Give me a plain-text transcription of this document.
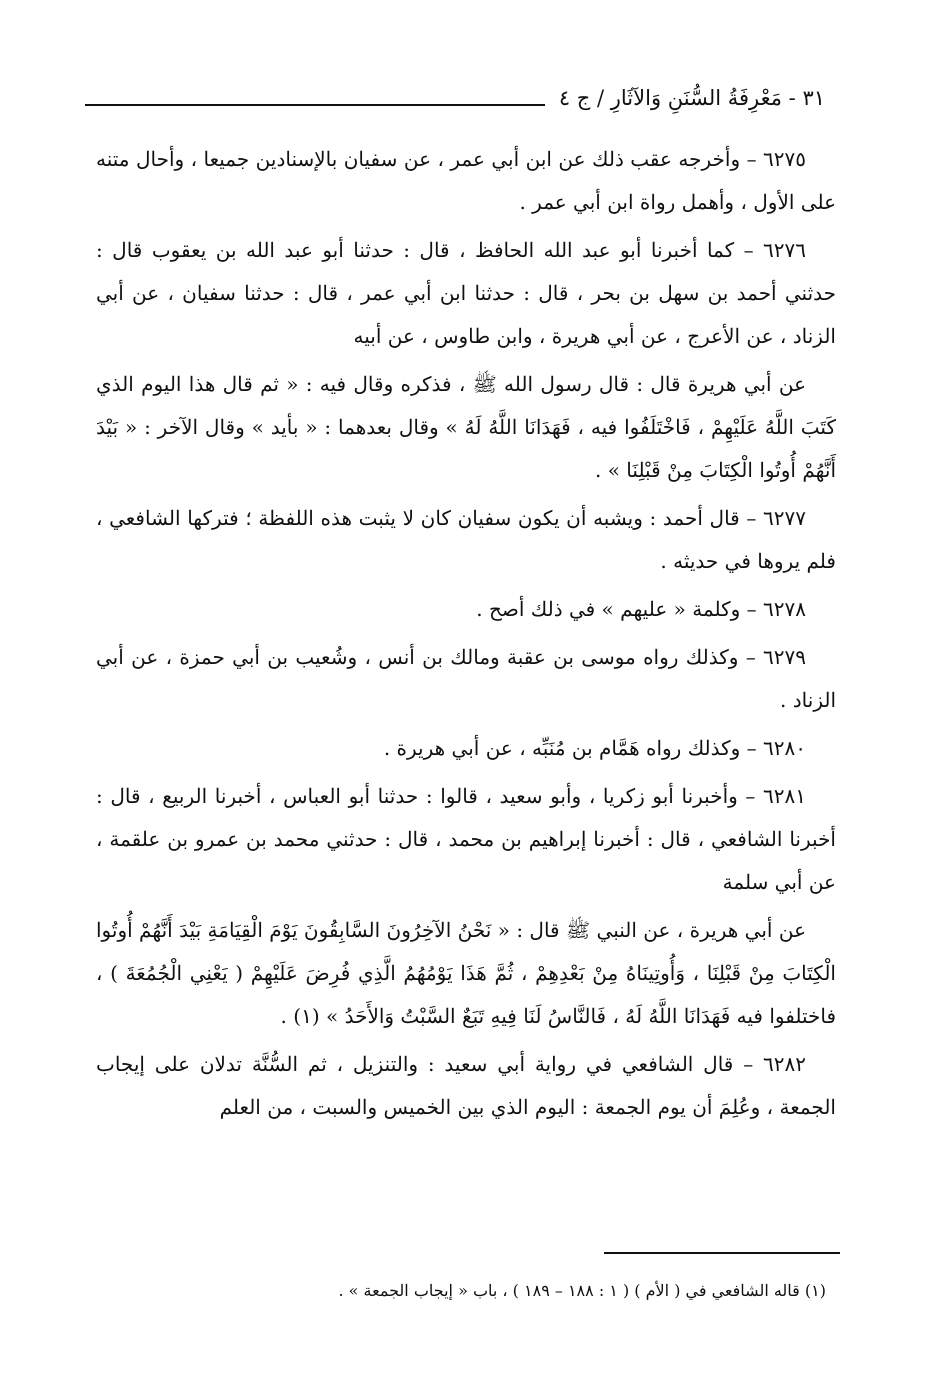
٣١ - مَعْرِفَةُ السُّنَنِ وَالآثَارِ / ج ٤

٦٢٧٥ – وأخرجه عقب ذلك عن ابن أبي عمر ، عن سفيان بالإسنادين جميعا ، وأحال متنه على الأول ، وأهمل رواة ابن أبي عمر .

٦٢٧٦ – كما أخبرنا أبو عبد الله الحافظ ، قال : حدثنا أبو عبد الله بن يعقوب قال : حدثني أحمد بن سهل بن بحر ، قال : حدثنا ابن أبي عمر ، قال : حدثنا سفيان ، عن أبي الزناد ، عن الأعرج ، عن أبي هريرة ، وابن طاوس ، عن أبيه

عن أبي هريرة قال : قال رسول الله ﷺ ، فذكره وقال فيه : « ثم قال هذا اليوم الذي كَتَبَ اللَّهُ عَلَيْهِمْ ، فَاخْتَلَفُوا فيه ، فَهَدَانَا اللَّهُ لَهُ » وقال بعدهما : « بأيد » وقال الآخر : « بَيْدَ أَنَّهُمْ أُوتُوا الْكِتَابَ مِنْ قَبْلِنَا » .

٦٢٧٧ – قال أحمد : ويشبه أن يكون سفيان كان لا يثبت هذه اللفظة ؛ فتركها الشافعي ، فلم يروها في حديثه .

٦٢٧٨ – وكلمة « عليهم » في ذلك أصح .

٦٢٧٩ – وكذلك رواه موسى بن عقبة ومالك بن أنس ، وشُعيب بن أبي حمزة ، عن أبي الزناد .

٦٢٨٠ – وكذلك رواه هَمَّام بن مُنَبِّه ، عن أبي هريرة .

٦٢٨١ – وأخبرنا أبو زكريا ، وأبو سعيد ، قالوا : حدثنا أبو العباس ، أخبرنا الربيع ، قال : أخبرنا الشافعي ، قال : أخبرنا إبراهيم بن محمد ، قال : حدثني محمد بن عمرو بن علقمة ، عن أبي سلمة

عن أبي هريرة ، عن النبي ﷺ قال : « نَحْنُ الآخِرُونَ السَّابِقُونَ يَوْمَ الْقِيَامَةِ بَيْدَ أَنَّهُمْ أُوتُوا الْكِتَابَ مِنْ قَبْلِنَا ، وَأُوتِينَاهُ مِنْ بَعْدِهِمْ ، ثُمَّ هَذَا يَوْمُهُمُ الَّذِي فُرِضَ عَلَيْهِمْ ( يَعْنِي الْجُمُعَةَ ) ، فاختلفوا فيه فَهَدَانَا اللَّهُ لَهُ ، فَالنَّاسُ لَنَا فِيهِ تَبَعٌ السَّبْتُ وَالأَحَدُ » (١) .

٦٢٨٢ – قال الشافعي في رواية أبي سعيد : والتنزيل ، ثم السُّنَّة تدلان على إيجاب الجمعة ، وعُلِمَ أن يوم الجمعة : اليوم الذي بين الخميس والسبت ، من العلم

(١) قاله الشافعي في ( الأم ) ( ١ : ١٨٨ – ١٨٩ ) ، باب « إيجاب الجمعة » .
